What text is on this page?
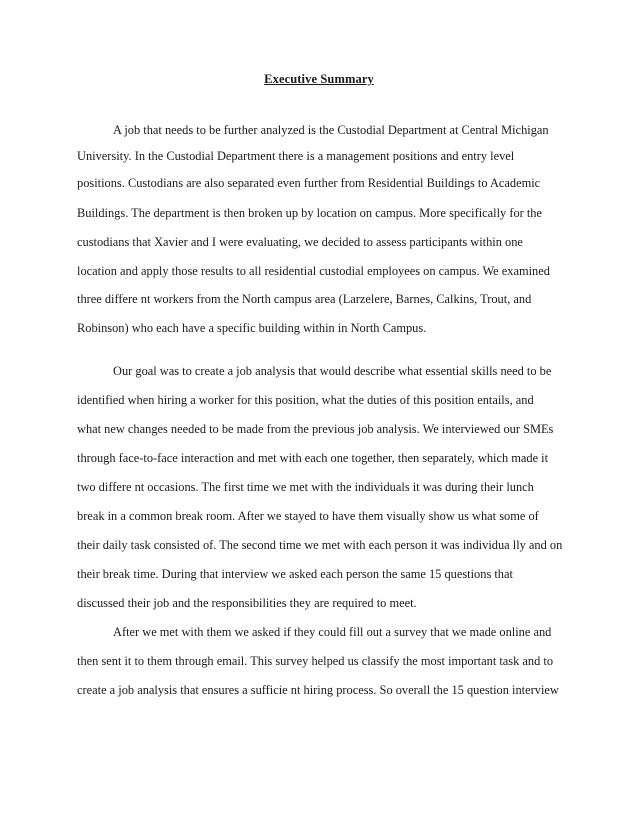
Executive Summary

A job that needs to be further analyzed is the Custodial Department at Central Michigan

University. In the Custodial Department there is a management positions and entry level

positions. Custodians are also separated even further from Residential Buildings to Academic

Buildings. The department is then broken up by location on campus. More specifically for the

custodians that Xavier and I were evaluating, we decided to assess participants within one

location and apply those results to all residential custodial employees on campus. We examined

three differe nt workers from the North campus area (Larzelere, Barnes, Calkins, Trout, and

Robinson) who each have a specific building within in North Campus.

Our goal was to create a job analysis that would describe what essential skills need to be

identified when hiring a worker for this position, what the duties of this position entails, and

what new changes needed to be made from the previous job analysis. We interviewed our SMEs

through face-to-face interaction and met with each one together, then separately, which made it

two differe nt occasions. The first time we met with the individuals it was during their lunch

break in a common break room. After we stayed to have them visually show us what some of

their daily task consisted of. The second time we met with each person it was individua lly and on

their break time. During that interview we asked each person the same 15 questions that

discussed their job and the responsibilities they are required to meet.

After we met with them we asked if they could fill out a survey that we made online and

then sent it to them through email. This survey helped us classify the most important task and to

create a job analysis that ensures a sufficie nt hiring process. So overall the 15 question interview
